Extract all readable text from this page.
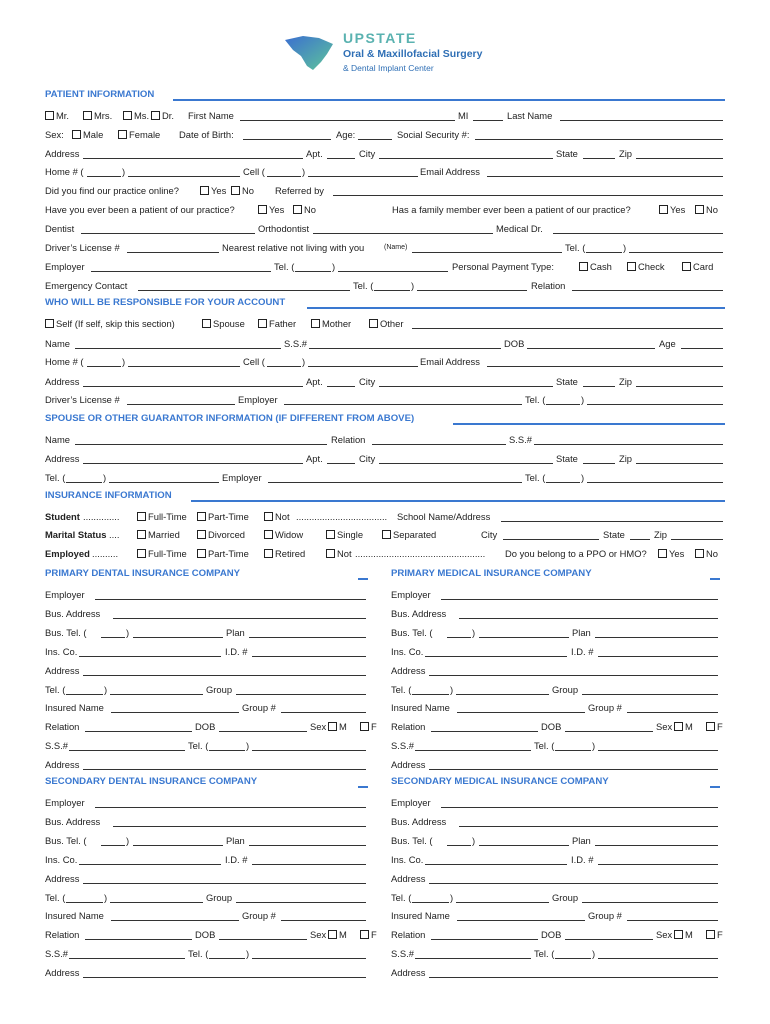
UPSTATE
Oral & Maxillofacial Surgery
& Dental Implant Center
PATIENT INFORMATION
Mr.	Mrs.	Ms.	Dr. First Name	MI	Last Name
Sex:	Male	Female Date of Birth:	Age:	Social Security #:
Address	Apt.	City	State	Zip
Home # (	)	Cell (	)	Email Address
Did you find our practice online?	Yes	No Referred by
Have you ever been a patient of our practice?	Yes	No	Has a family member ever been a patient of our practice?	Yes	No
Dentist	Orthodontist	Medical Dr.
Driver’s License #	Nearest relative not living with you	(Name)	Tel. (	)
Employer	Tel. (	)	Personal Payment Type:	Cash	Check	Card
Emergency Contact	Tel. (	)	Relation
WHO WILL BE RESPONSIBLE FOR YOUR ACCOUNT
Self (If self, skip this section)	Spouse	Father	Mother	Other
Name	S.S.#	DOB	Age
Home # (	)	Cell (	)	Email Address
Address	Apt.	City	State	Zip
Driver’s License #	Employer	Tel. (	)
SPOUSE OR OTHER GUARANTOR INFORMATION (IF DIFFERENT FROM ABOVE)
Name	Relation	S.S.#
Address	Apt.	City	State	Zip
Tel. (	)	Employer	Tel. (	)
INSURANCE INFORMATION
Student ..............	Full-Time	Part-Time	Not ................................... School Name/Address
Marital Status ....	Married	Divorced	Widow	Single	Separated	City	State	Zip
Employed ..........	Full-Time	Part-Time	Retired	Not .................................................. Do you belong to a PPO or HMO?	Yes	No
PRIMARY DENTAL INSURANCE COMPANY
Employer
Bus. Address
Bus. Tel. (	)	Plan
Ins. Co.	I.D. #
Address
Tel. (	)	Group
Insured Name	Group #
Relation	DOB	Sex	M	F
S.S.#	Tel. (	)
Address
PRIMARY MEDICAL INSURANCE COMPANY
Employer
Bus. Address
Bus. Tel. (	)	Plan
Ins. Co.	I.D. #
Address
Tel. (	)	Group
Insured Name	Group #
Relation	DOB	Sex	M	F
S.S.#	Tel. (	)
Address
SECONDARY DENTAL INSURANCE COMPANY
Employer
Bus. Address
Bus. Tel. (	)	Plan
Ins. Co.	I.D. #
Address
Tel. (	)	Group
Insured Name	Group #
Relation	DOB	Sex	M	F
S.S.#	Tel. (	)
Address
SECONDARY MEDICAL INSURANCE COMPANY
Employer
Bus. Address
Bus. Tel. (	)	Plan
Ins. Co.	I.D. #
Address
Tel. (	)	Group
Insured Name	Group #
Relation	DOB	Sex	M	F
S.S.#	Tel. (	)
Address
